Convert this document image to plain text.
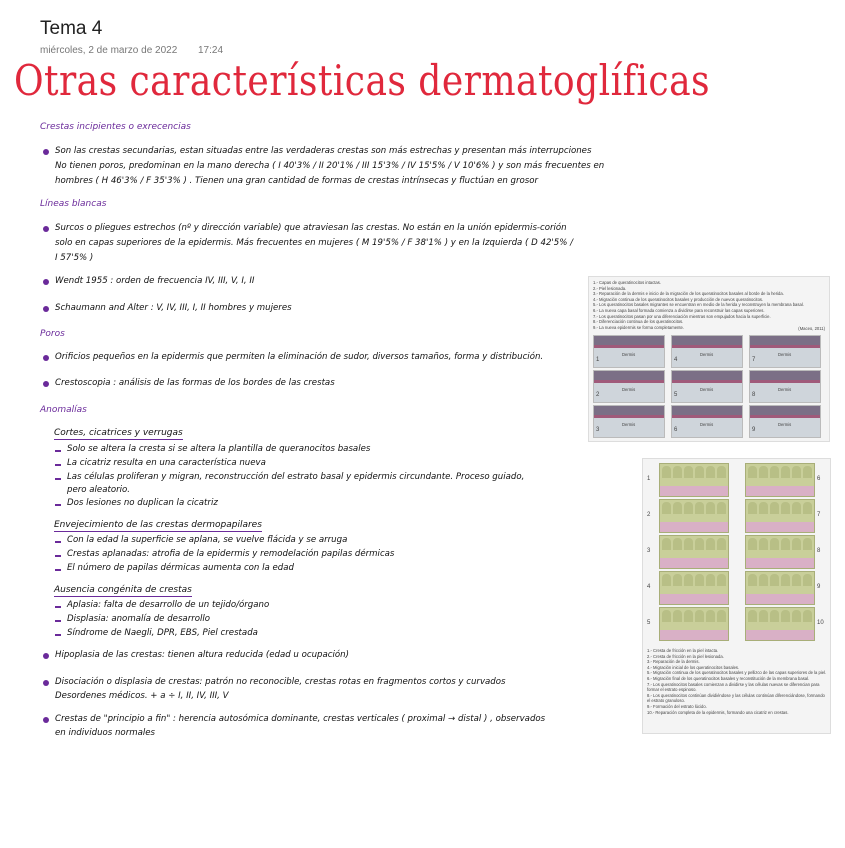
Tema 4
miércoles, 2 de marzo de 2022 17:24
Otras características dermatoglíficas
Crestas incipientes o exrecencias
Son las crestas secundarias, estan situadas entre las verdaderas crestas son más estrechas y presentan más interrupciones
No tienen poros, predominan en la mano derecha ( I 40'3% / II 20'1% / III 15'3% / IV 15'5% / V 10'6% ) y son más frecuentes en
hombres ( H 46'3% / F 35'3% ) . Tienen una gran cantidad de formas de crestas intrínsecas y fluctúan en grosor
Líneas blancas
Surcos o pliegues estrechos (nº y dirección variable) que atraviesan las crestas. No están en la unión epidermis-corión
solo en capas superiores de la epidermis. Más frecuentes en mujeres ( M 19'5% / F 38'1% ) y en la Izquierda ( D 42'5% /
I 57'5% )
Wendt 1955 : orden de frecuencia IV, III, V, I, II
Schaumann and Alter : V, IV, III, I, II hombres y mujeres
Poros
Orificios pequeños en la epidermis que permiten la eliminación de sudor, diversos tamaños, forma y distribución.
Crestoscopia : análisis de las formas de los bordes de las crestas
Anomalías
Cortes, cicatrices y verrugas
Solo se altera la cresta si se altera la plantilla de queranocitos basales
La cicatriz resulta en una característica nueva
Las células proliferan y migran, reconstrucción del estrato basal y epidermis circundante. Proceso guiado,
pero aleatorio.
Dos lesiones no duplican la cicatriz
Envejecimiento de las crestas dermopapilares
Con la edad la superficie se aplana, se vuelve flácida y se arruga
Crestas aplanadas: atrofia de la epidermis y remodelación papilas dérmicas
El número de papilas dérmicas aumenta con la edad
Ausencia congénita de crestas
Aplasia: falta de desarrollo de un tejido/órgano
Displasia: anomalía de desarrollo
Síndrome de Naegli, DPR, EBS, Piel crestada
Hipoplasia de las crestas: tienen altura reducida (edad u ocupación)
Disociación o displasia de crestas: patrón no reconocible, crestas rotas en fragmentos cortos y curvados
Desordenes médicos. + a ÷ I, II, IV, III, V
Crestas de "principio a fin" : herencia autosómica dominante, crestas verticales ( proximal → distal ) , observados
en individuos normales
1.- Capas de queratinocitos intactas.
2.- Piel lesionada.
3.- Reparación de la dermis e inicio de la migración de los queratinocitos basales al borde de la herida.
4.- Migración continua de los queratinocitos basales y producción de nuevos queratinocitos.
5.- Los queratinocitos basales migrantes se encuentran en medio de la herida y reconstruyen la membrana basal.
6.- La nueva capa basal formada comienza a dividirse para reconstruir las capas superiores.
7.- Los queratinocitos pasan por una diferenciación mientras son empujados hacia la superficie.
8.- Diferenciación continua de los queratinocitos.
9.- La nueva epidermis se forma completamente.	(Maceo, 2011)
Dermis
1
Dermis
4
Dermis
7
Dermis
2
Dermis
5
Dermis
8
Dermis
3
Dermis
6
Dermis
9
1	6
2	7
3	8
4	9
5	10
1.- Cresta de fricción en la piel intacta.
2.- Cresta de fricción en la piel lesionada.
3.- Reparación de la dermis.
4.- Migración inicial de los queratinocitos basales.
5.- Migración continua de los queratinocitos basales y pellizco de las capas superiores de la piel.
6.- Migración final de los queratinocitos basales y reconstitución de la membrana basal.
7.- Los queratinocitos basales comienzan a dividirse y las células nuevas se diferencian para formar el estrato espinoso.
8.- Los queratinocitos continúan dividiéndose y las células continúan diferenciándose, formando el estrato granuloso.
9.- Formación del estrato lúcido.
10.- Reparación completa de la epidermis, formando una cicatriz en crestas.
